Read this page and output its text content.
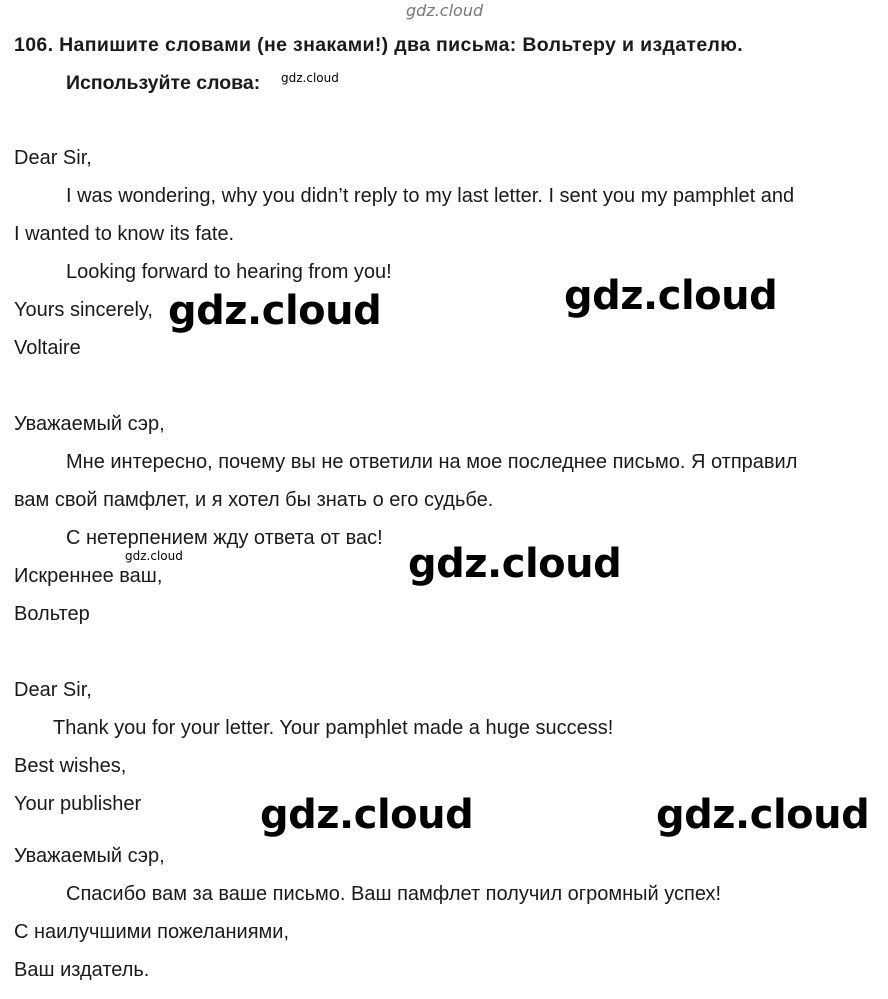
gdz.cloud
106. Напишите словами (не знаками!) два письма: Вольтеру и издателю.
Используйте слова: gdz.cloud
Dear Sir,
I was wondering, why you didn’t reply to my last letter. I sent you my pamphlet and
I wanted to know its fate.
Looking forward to hearing from you!
Yours sincerely,
Voltaire
gdz.cloud	gdz.cloud
Уважаемый сэр,
Мне интересно, почему вы не ответили на мое последнее письмо. Я отправил
вам свой памфлет, и я хотел бы знать о его судьбе.
С нетерпением жду ответа от вас!
gdz.cloud
Искреннее ваш,
Вольтер
gdz.cloud
Dear Sir,
Thank you for your letter. Your pamphlet made a huge success!
Best wishes,
Your publisher	gdz.cloud	gdz.cloud
Уважаемый сэр,
Спасибо вам за ваше письмо. Ваш памфлет получил огромный успех!
С наилучшими пожеланиями,
Ваш издатель.
